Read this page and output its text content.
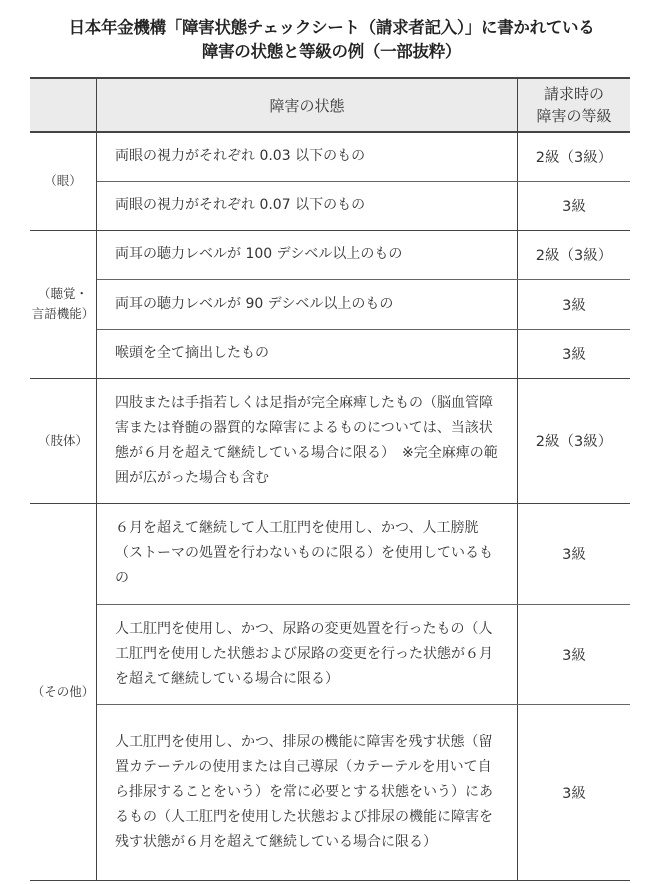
日本年金機構「障害状態チェックシート（請求者記入）」に書かれている
障害の状態と等級の例（一部抜粋）
	障害の状態	請求時の
障害の等級
（眼）	両眼の視力がそれぞれ 0.03 以下のもの	2級（3級）
	両眼の視力がそれぞれ 0.07 以下のもの	3級
（聴覚・
言語機能）	両耳の聴力レベルが 100 デシベル以上のもの	2級（3級）
	両耳の聴力レベルが 90 デシベル以上のもの	3級
	喉頭を全て摘出したもの	3級
（肢体）	四肢または手指若しくは足指が完全麻痺したもの（脳血管障害または脊髄の器質的な障害によるものについては、当該状態が６月を超えて継続している場合に限る）　※完全麻痺の範囲が広がった場合も含む	2級（3級）
（その他）	６月を超えて継続して人工肛門を使用し、かつ、人工膀胱（ストーマの処置を行わないものに限る）を使用しているもの	3級
	人工肛門を使用し、かつ、尿路の変更処置を行ったもの（人工肛門を使用した状態および尿路の変更を行った状態が６月を超えて継続している場合に限る）	3級
	人工肛門を使用し、かつ、排尿の機能に障害を残す状態（留置カテーテルの使用または自己導尿（カテーテルを用いて自ら排尿することをいう）を常に必要とする状態をいう）にあるもの（人工肛門を使用した状態および排尿の機能に障害を残す状態が６月を超えて継続している場合に限る）	3級
